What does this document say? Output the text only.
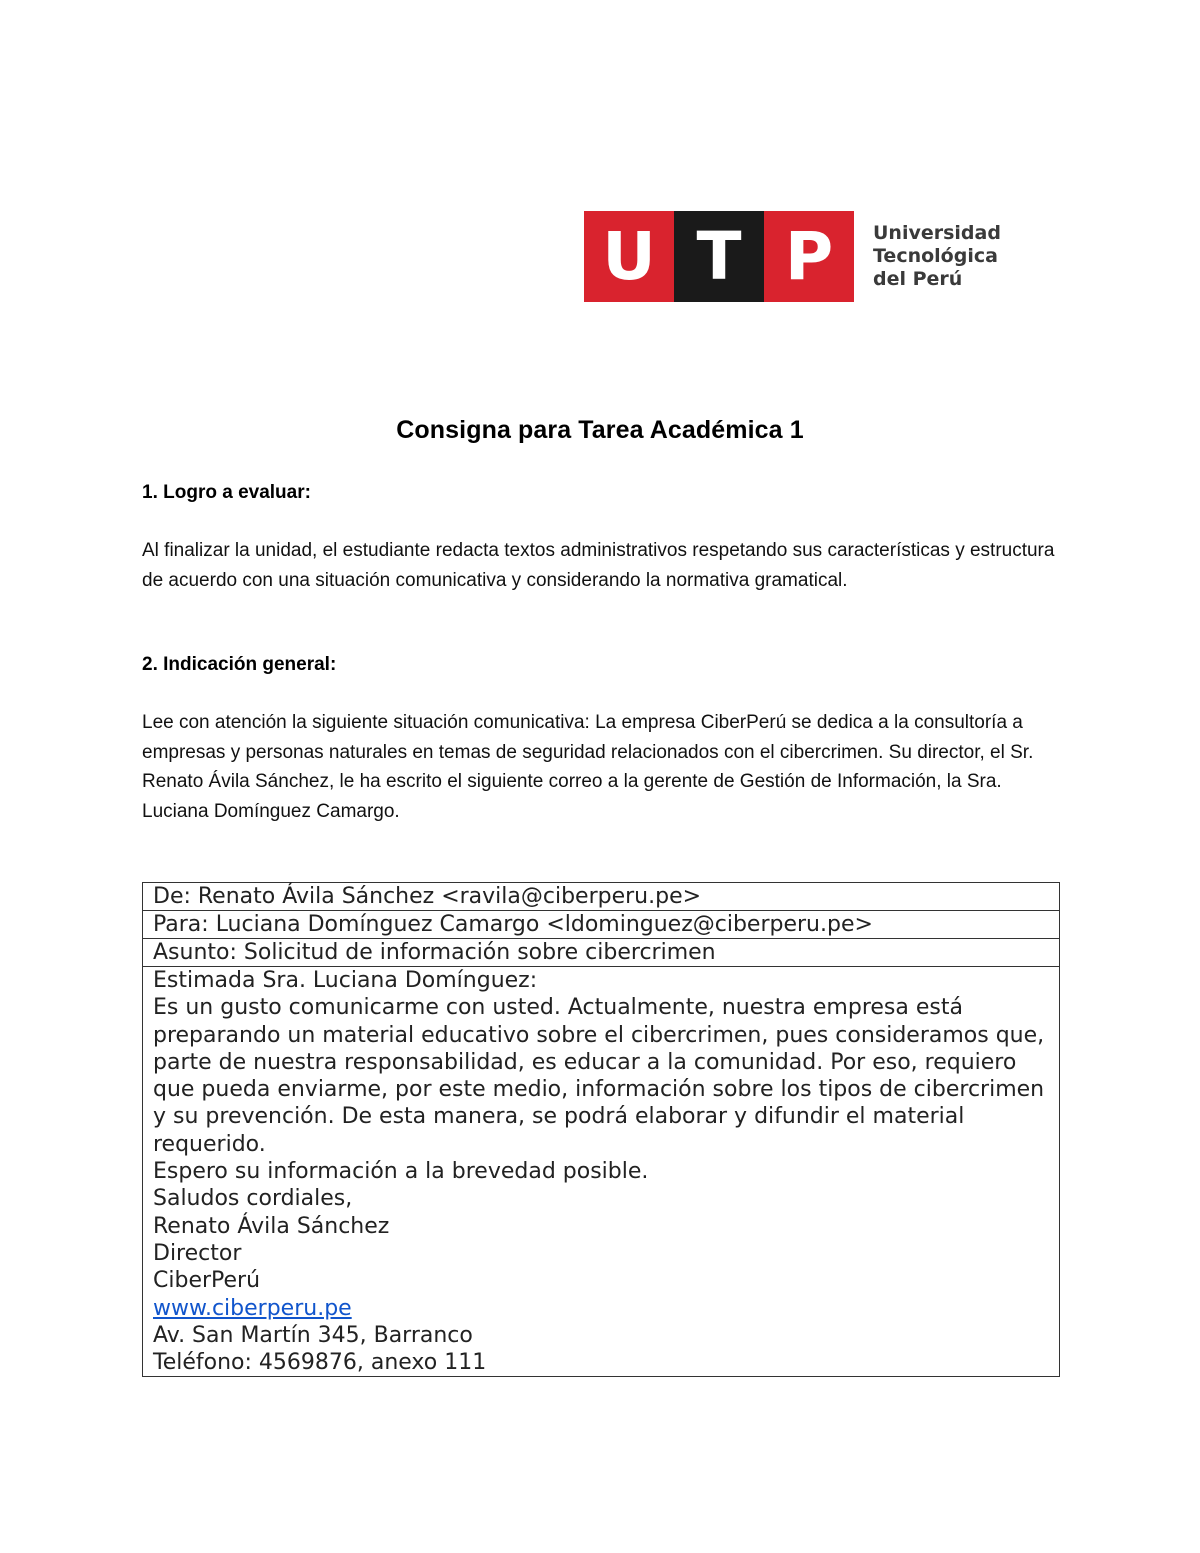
U T P	Universidad
Tecnológica
del Perú
Consigna para Tarea Académica 1
1. Logro a evaluar:

Al finalizar la unidad, el estudiante redacta textos administrativos respetando sus características y estructura de acuerdo con una situación comunicativa y considerando la normativa gramatical.

2. Indicación general:

Lee con atención la siguiente situación comunicativa: La empresa CiberPerú se dedica a la consultoría a empresas y personas naturales en temas de seguridad relacionados con el cibercrimen. Su director, el Sr. Renato Ávila Sánchez, le ha escrito el siguiente correo a la gerente de Gestión de Información, la Sra. Luciana Domínguez Camargo.

De: Renato Ávila Sánchez <ravila@ciberperu.pe>
Para: Luciana Domínguez Camargo <ldominguez@ciberperu.pe>
Asunto: Solicitud de información sobre cibercrimen

Estimada Sra. Luciana Domínguez:
Es un gusto comunicarme con usted. Actualmente, nuestra empresa está preparando un material educativo sobre el cibercrimen, pues consideramos que, parte de nuestra responsabilidad, es educar a la comunidad. Por eso, requiero que pueda enviarme, por este medio, información sobre los tipos de cibercrimen y su prevención. De esta manera, se podrá elaborar y difundir el material requerido.
Espero su información a la brevedad posible.
Saludos cordiales,
Renato Ávila Sánchez
Director
CiberPerú
www.ciberperu.pe
Av. San Martín 345, Barranco
Teléfono: 4569876, anexo 111
